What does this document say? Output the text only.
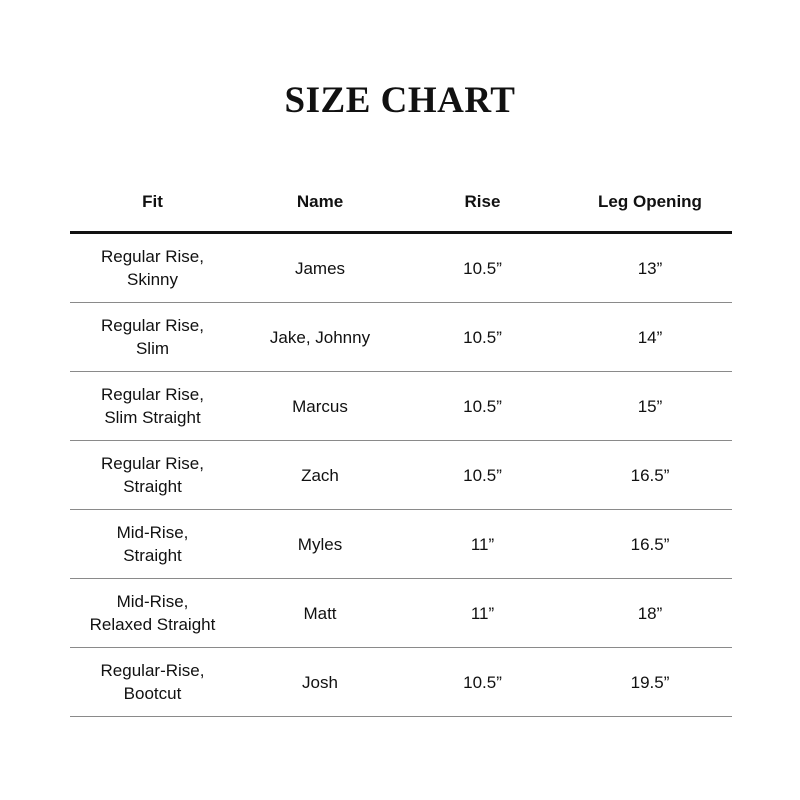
SIZE CHART
Fit	Name	Rise	Leg Opening
Regular Rise,
Skinny
James	10.5”	13”
Regular Rise,
Slim
Jake, Johnny	10.5”	14”
Regular Rise,
Slim Straight
Marcus	10.5”	15”
Regular Rise,
Straight
Zach	10.5”	16.5”
Mid-Rise,
Straight
Myles	11”	16.5”
Mid-Rise,
Relaxed Straight
Matt	11”	18”
Regular-Rise,
Bootcut
Josh	10.5”	19.5”
